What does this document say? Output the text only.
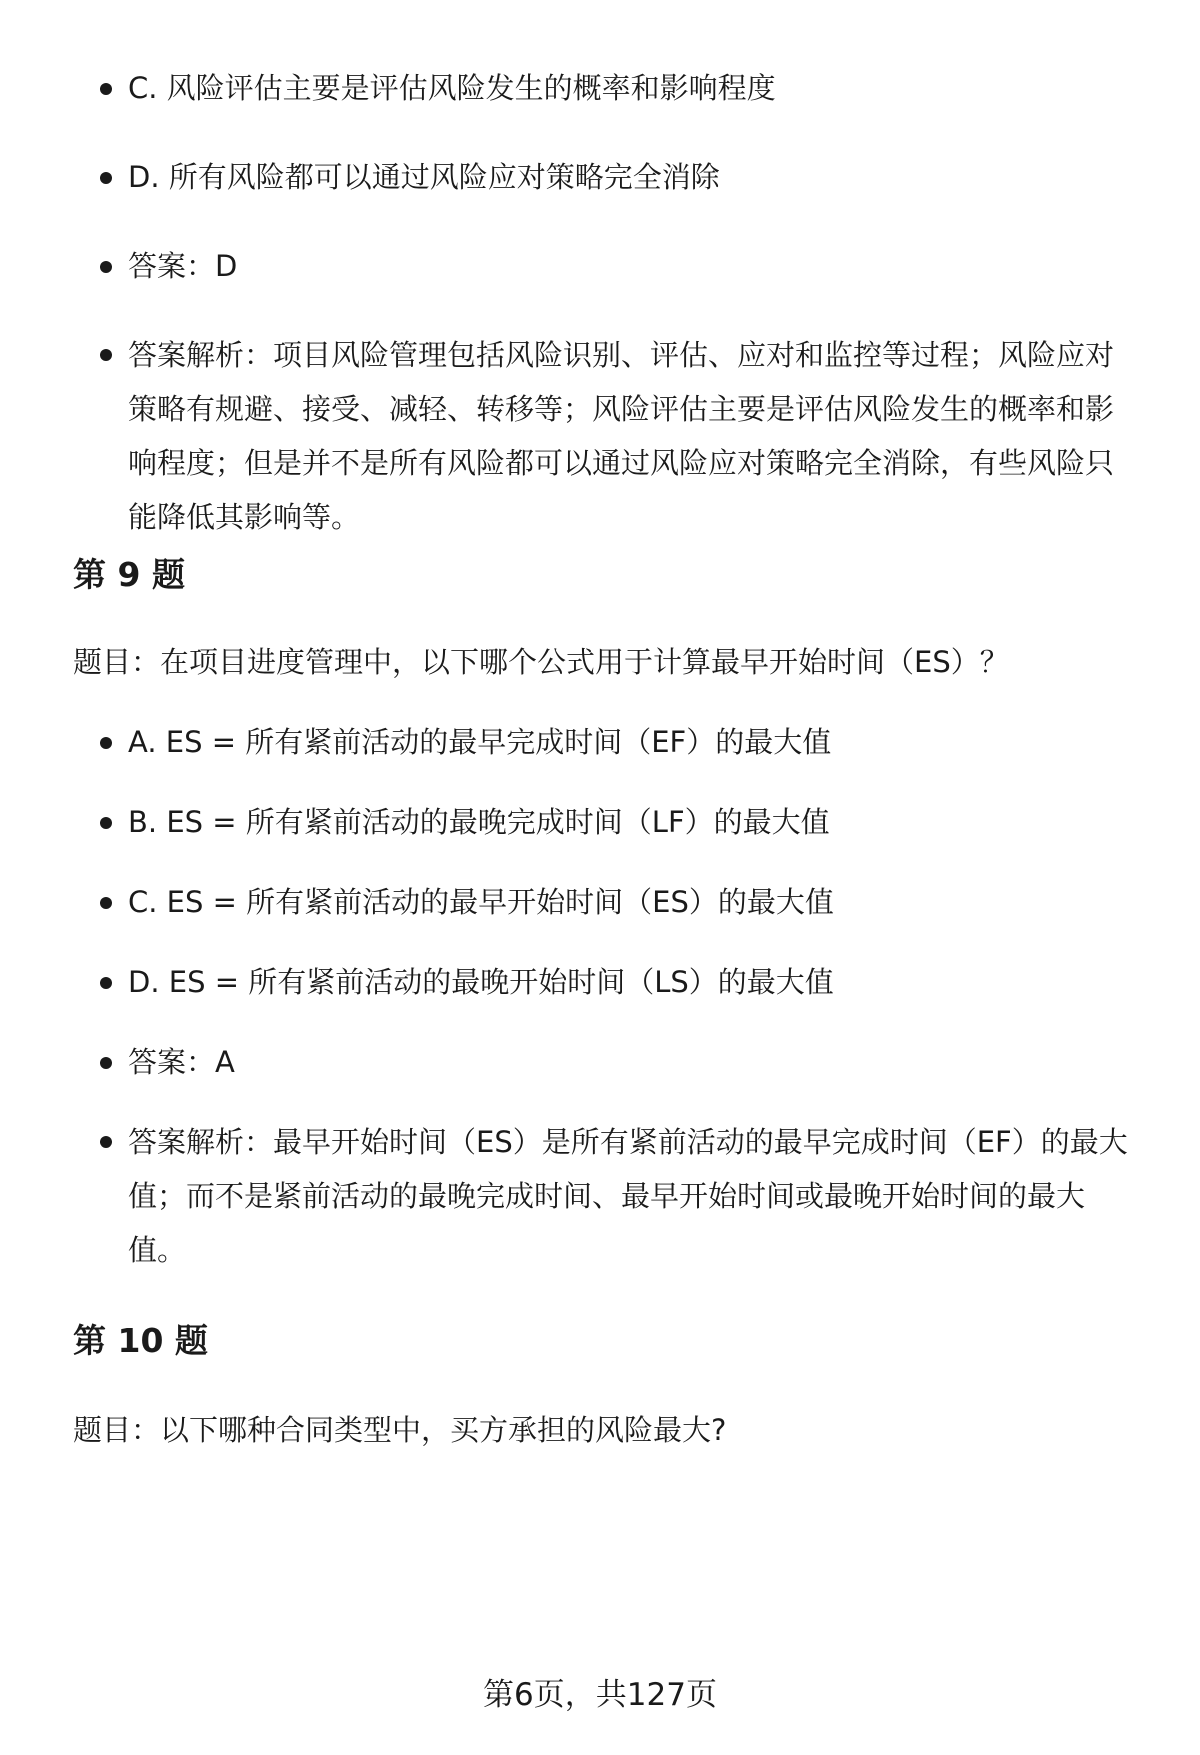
C. 风险评估主要是评估风险发生的概率和影响程度
D. 所有风险都可以通过风险应对策略完全消除
答案：D
答案解析：项目风险管理包括风险识别、评估、应对和监控等过程；风险应对策略有规避、接受、减轻、转移等；风险评估主要是评估风险发生的概率和影响程度；但是并不是所有风险都可以通过风险应对策略完全消除，有些风险只能降低其影响等。
第 9 题
题目：在项目进度管理中，以下哪个公式用于计算最早开始时间（ES）？
A. ES = 所有紧前活动的最早完成时间（EF）的最大值
B. ES = 所有紧前活动的最晚完成时间（LF）的最大值
C. ES = 所有紧前活动的最早开始时间（ES）的最大值
D. ES = 所有紧前活动的最晚开始时间（LS）的最大值
答案：A
答案解析：最早开始时间（ES）是所有紧前活动的最早完成时间（EF）的最大值；而不是紧前活动的最晚完成时间、最早开始时间或最晚开始时间的最大值。
第 10 题
题目：以下哪种合同类型中，买方承担的风险最大?
第6页，共127页
